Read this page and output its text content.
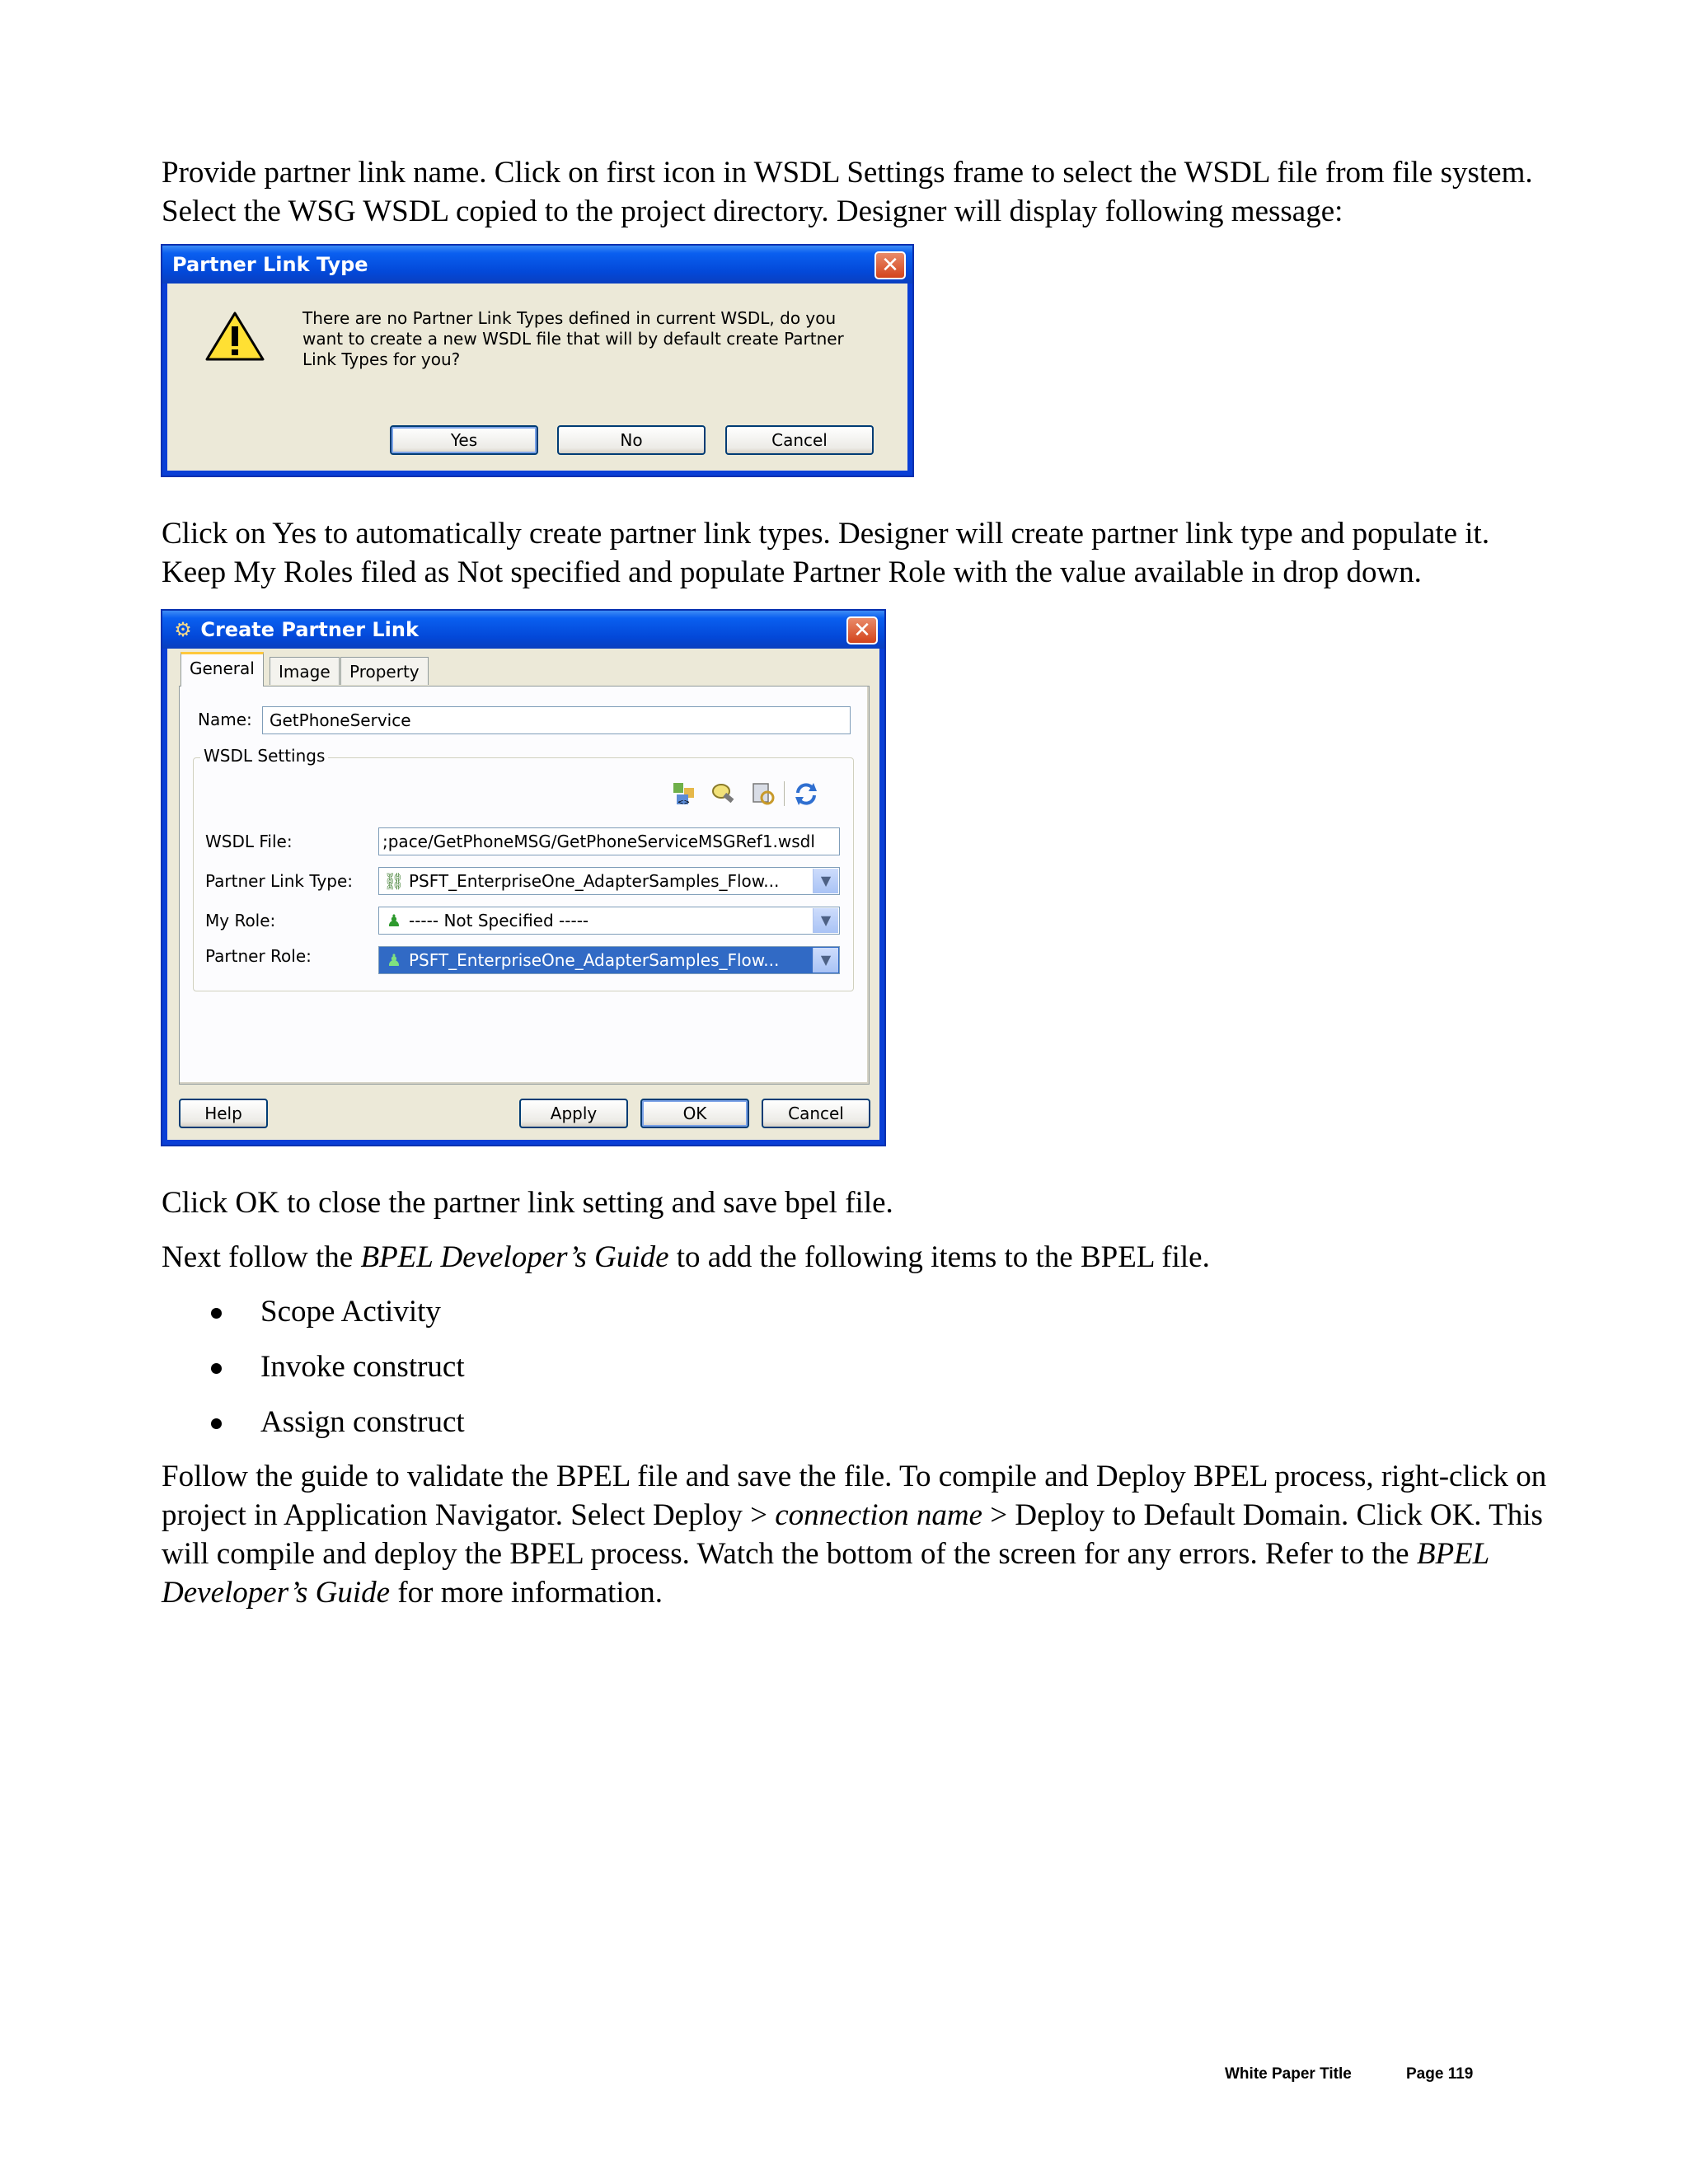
Provide partner link name. Click on first icon in WSDL Settings frame to select the WSDL file from file system. Select the WSG WSDL copied to the project directory. Designer will display following message:

Partner Link Type	✕
There are no Partner Link Types defined in current WSDL, do you want to create a new WSDL file that will by default create Partner Link Types for you?
Yes	No	Cancel

Click on Yes to automatically create partner link types. Designer will create partner link type and populate it. Keep My Roles filed as Not specified and populate Partner Role with the value available in drop down.

⚙ Create Partner Link	✕
General	Image	Property
Name:	GetPhoneService
WSDL Settings
<>
WSDL File:	;pace/GetPhoneMSG/GetPhoneServiceMSGRef1.wsdl
Partner Link Type:	⛓ PSFT_EnterpriseOne_AdapterSamples_Flow...	▼
My Role:	♟ ----- Not Specified -----	▼
Partner Role:	♟ PSFT_EnterpriseOne_AdapterSamples_Flow...	▼
Help	Apply	OK	Cancel

Click OK to close the partner link setting and save bpel file.

Next follow the BPEL Developer’s Guide to add the following items to the BPEL file.

Scope Activity
Invoke construct
Assign construct

Follow the guide to validate the BPEL file and save the file. To compile and Deploy BPEL process, right-click on project in Application Navigator. Select Deploy > connection name > Deploy to Default Domain. Click OK. This will compile and deploy the BPEL process. Watch the bottom of the screen for any errors. Refer to the BPEL Developer’s Guide for more information.

White Paper Title	Page 119
